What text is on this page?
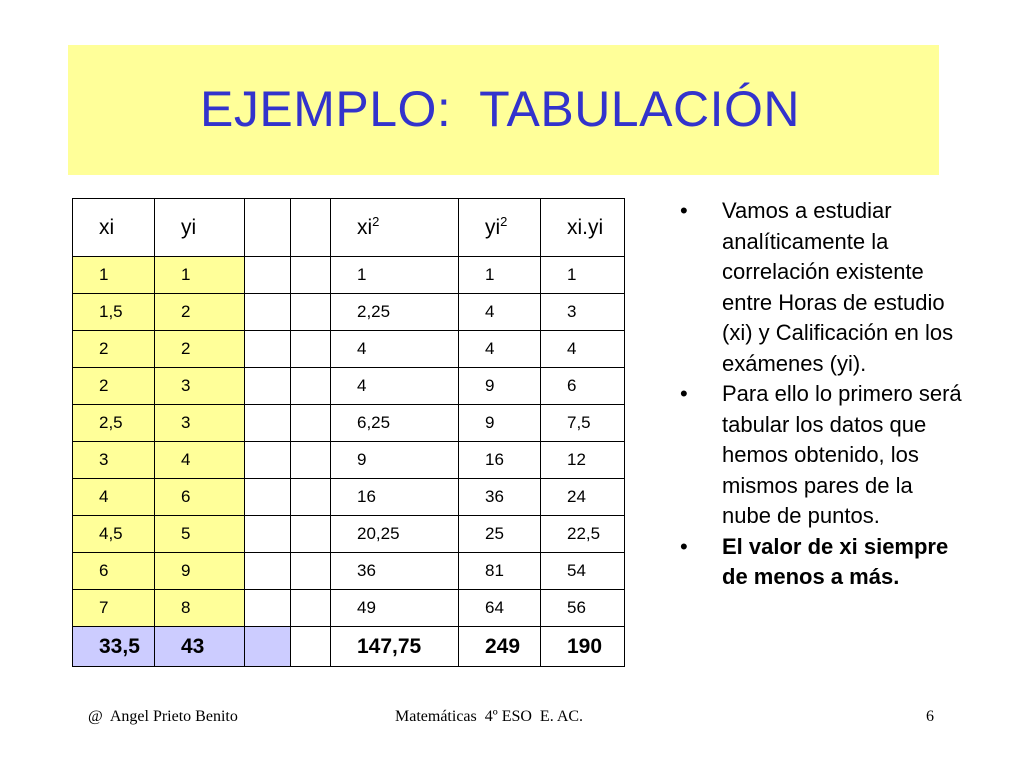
EJEMPLO:  TABULACIÓN
xi	yi			$xi^2$	$yi^2$	xi.yi
1	1			1	1	1
1,5	2			2,25	4	3
2	2			4	4	4
2	3			4	9	6
2,5	3			6,25	9	7,5
3	4			9	16	12
4	6			16	36	24
4,5	5			20,25	25	22,5
6	9			36	81	54
7	8			49	64	56
33,5	43			147,75	249	190
• Vamos a estudiar analíticamente la correlación existente entre Horas de estudio (xi) y Calificación en los exámenes (yi).
• Para ello lo primero será tabular los datos que hemos obtenido, los mismos pares de la nube de puntos.
• El valor de xi siempre de menos a más.
@  Angel Prieto Benito	Matemáticas  4º ESO  E. AC.	6
